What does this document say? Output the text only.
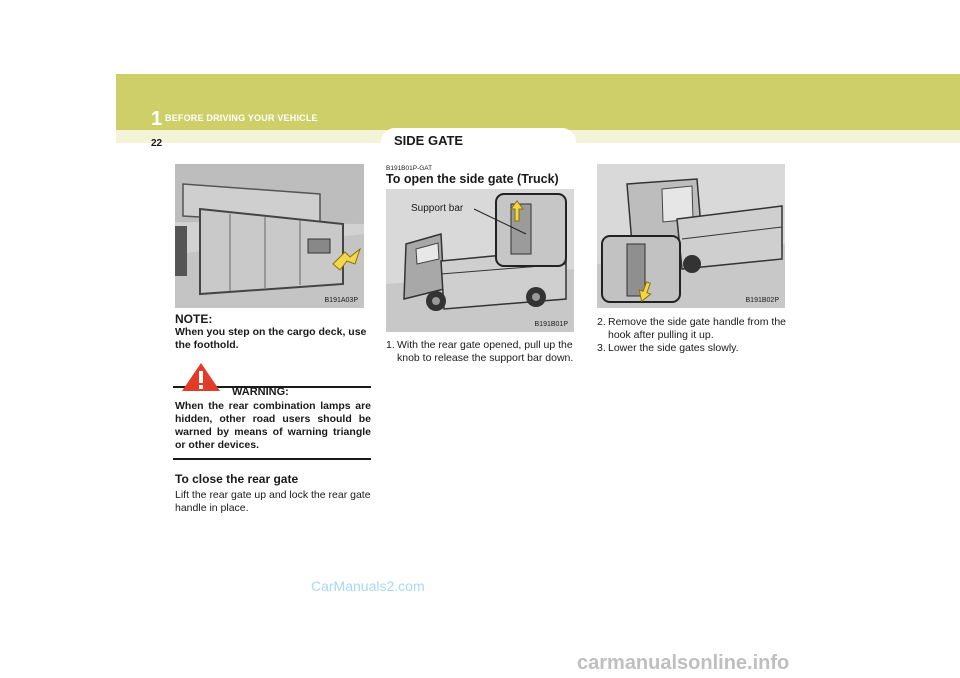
1 BEFORE DRIVING YOUR VEHICLE
22	SIDE GATE
B191A03P
NOTE:
When you step on the cargo deck, use the foothold.
WARNING:
When the rear combination lamps are hidden, other road users should be warned by means of warning triangle or other devices.
To close the rear gate
Lift the rear gate up and lock the rear gate handle in place.
B191B01P-GAT
To open the side gate (Truck)
B191B01P
Support bar
1. With the rear gate opened, pull up the knob to release the support bar down.
B191B02P
2. Remove the side gate handle from the hook after pulling it up.
3. Lower the side gates slowly.
CarManuals2.com
carmanualsonline.info
